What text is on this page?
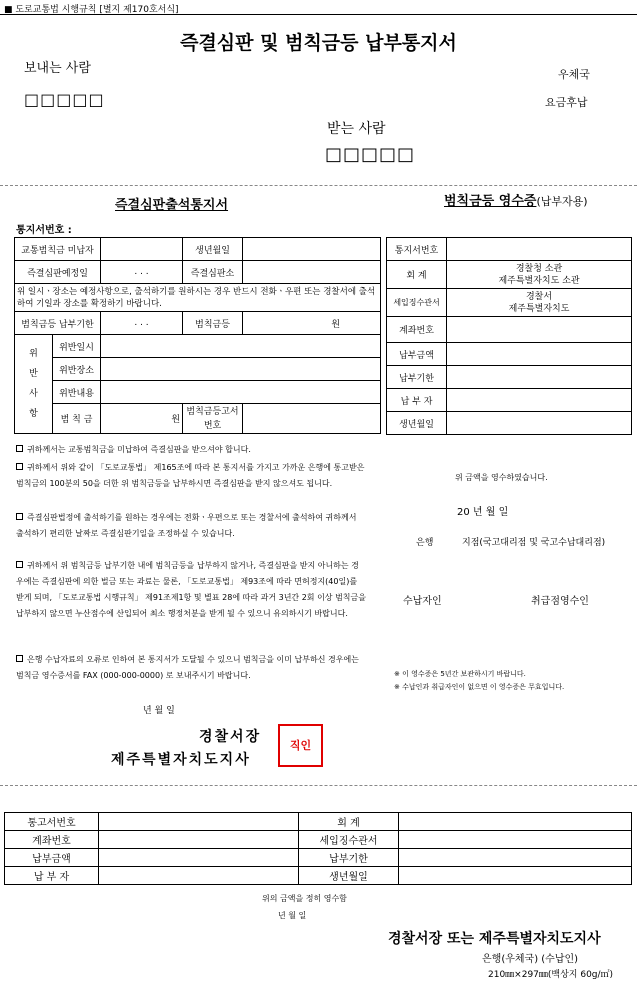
■ 도로교통법 시행규칙 [별지 제170호서식]
즉결심판 및 범칙금등 납부통지서
보내는 사람	우체국
□□□□□	요금후납
받는 사람
□□□□□
즉결심판출석통지서	범칙금등 영수증(납부자용)
통지서번호 :
교통범칙금 미납자			생년월일	
즉결심판예정일		. . .	즉결심판소	
위 일시ㆍ장소는 예정사항으로, 출석하기를 원하시는 경우 반드시 전화ㆍ우편 또는 경찰서에 출석하여 기일과 장소를 확정하기 바랍니다.				
범칙금등 납부기한		. . .	범칙금등	원
위 반 사 항	위반일시			
	위반장소			
	위반내용			
	범 칙 금	원	범칙금등고서 번호	
통지서번호	
회 계	경찰청 소관
제주특별자치도 소관
세입징수관서	경찰서
제주특별자치도
계좌번호	
납부금액	
납부기한	
납 부 자	
생년월일	
귀하께서는 교통범칙금을 미납하여 즉결심판을 받으셔야 합니다.
귀하께서 위와 같이 「도로교통법」 제165조에 따라 본 통지서를 가지고 가까운 은행에 통고받은 범칙금의 100분의 50을 더한 위 범칙금등을 납부하시면 즉결심판을 받지 않으셔도 됩니다.
즉결심판법정에 출석하기를 원하는 경우에는 전화ㆍ우편으로 또는 경찰서에 출석하여 귀하께서 출석하기 편리한 날짜로 즉결심판기일을 조정하실 수 있습니다.
귀하께서 위 범칙금등 납부기한 내에 범칙금등을 납부하지 않거나, 즉결심판을 받지 아니하는 경우에는 즉결심판에 의한 벌금 또는 과료는 물론, 「도로교통법」 제93조에 따라 면허정지(40일)를 받게 되며, 「도로교통법 시행규칙」 제91조제1항 및 별표 28에 따라 과거 3년간 2회 이상 범칙금을 납부하지 않으면 누산점수에 산입되어 최소 행정처분을 받게 될 수 있으니 유의하시기 바랍니다.
은행 수납자료의 오류로 인하여 본 통지서가 도달될 수 있으니 범칙금을 이미 납부하신 경우에는 범칙금 영수증서를 FAX (000-000-0000) 로 보내주시기 바랍니다.
년 월 일
경찰서장
제주특별자치도지사
직인
위 금액을 영수하였습니다.
20 년 월 일
은행	지점(국고대리점 및 국고수납대리점)
수납자인	취급점영수인
※ 이 영수증은 5년간 보관하시기 바랍니다.
※ 수납인과 취급자인이 없으면 이 영수증은 무효입니다.
통고서번호		회 계	
계좌번호		세입징수관서	
납부금액		납부기한	
납 부 자		생년월일	
위의 금액을 정히 영수함
년 월 일
경찰서장 또는 제주특별자치도지사
은행(우체국) (수납인)
210㎜×297㎜(백상지 60g/㎡)
